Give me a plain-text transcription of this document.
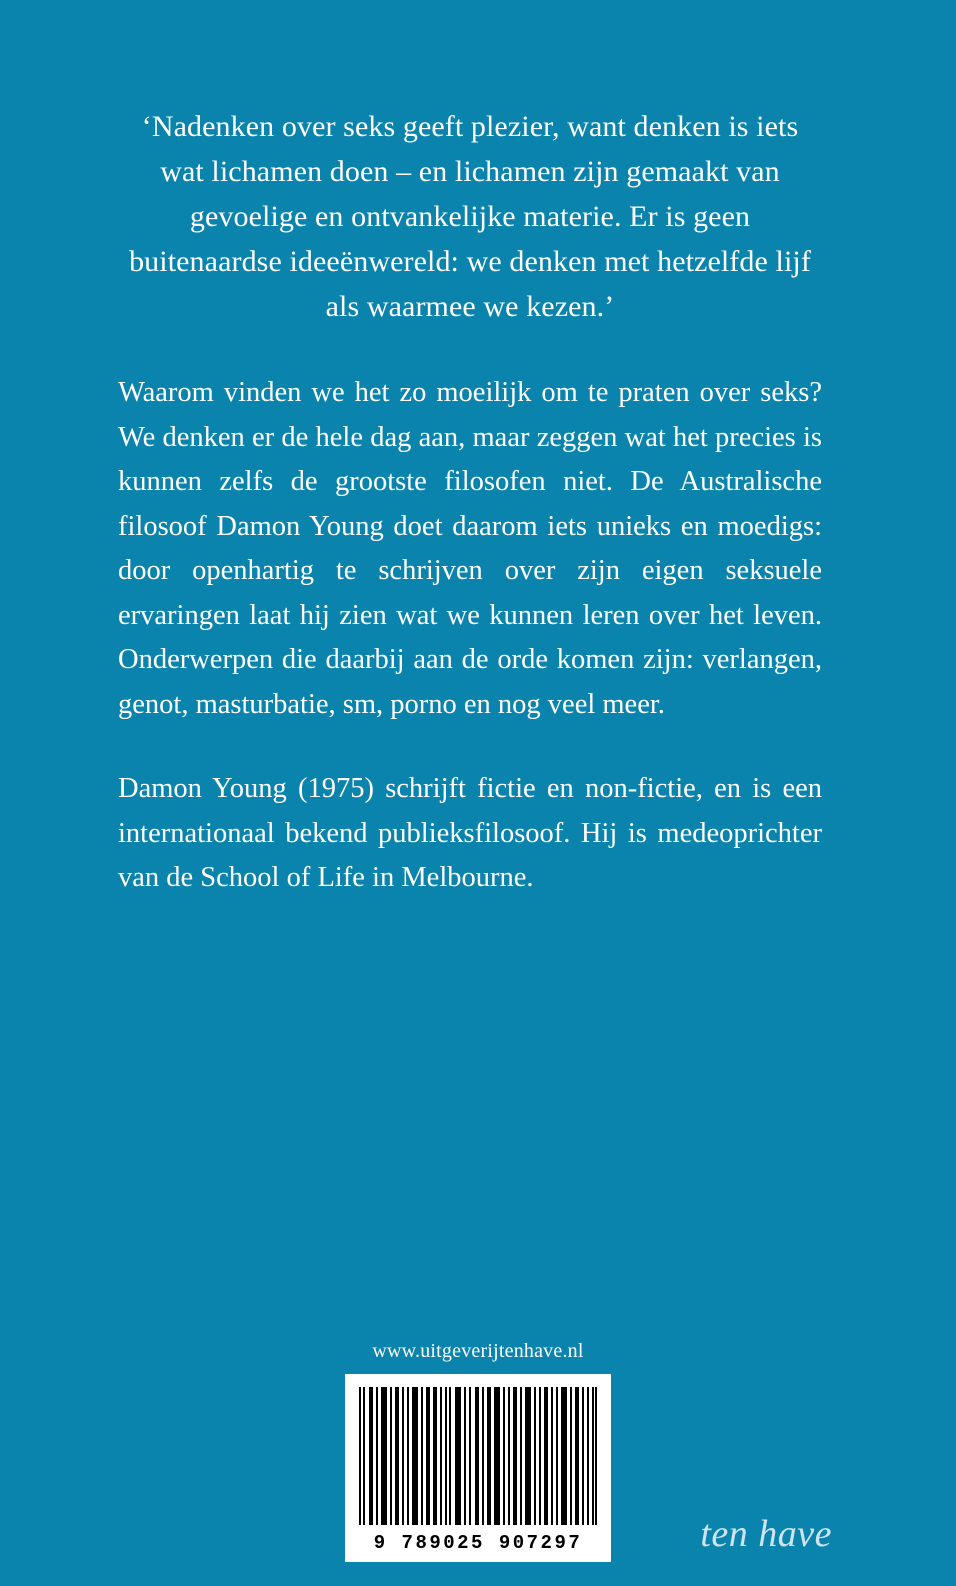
‘Nadenken over seks geeft plezier, want denken is iets wat lichamen doen – en lichamen zijn gemaakt van gevoelige en ontvankelijke materie. Er is geen buitenaardse ideeënwereld: we denken met hetzelfde lijf als waarmee we kezen.’

Waarom vinden we het zo moeilijk om te praten over seks? We denken er de hele dag aan, maar zeggen wat het precies is kunnen zelfs de grootste filosofen niet. De Australische filosoof Damon Young doet daarom iets unieks en moedigs: door openhartig te schrijven over zijn eigen seksuele ervaringen laat hij zien wat we kunnen leren over het leven. Onderwerpen die daarbij aan de orde komen zijn: verlangen, genot, masturbatie, sm, porno en nog veel meer.

Damon Young (1975) schrijft fictie en non-fictie, en is een internationaal bekend publieksfilosoof. Hij is medeoprichter van de School of Life in Melbourne.

www.uitgeverijtenhave.nl
9 789025 907297	ten have
